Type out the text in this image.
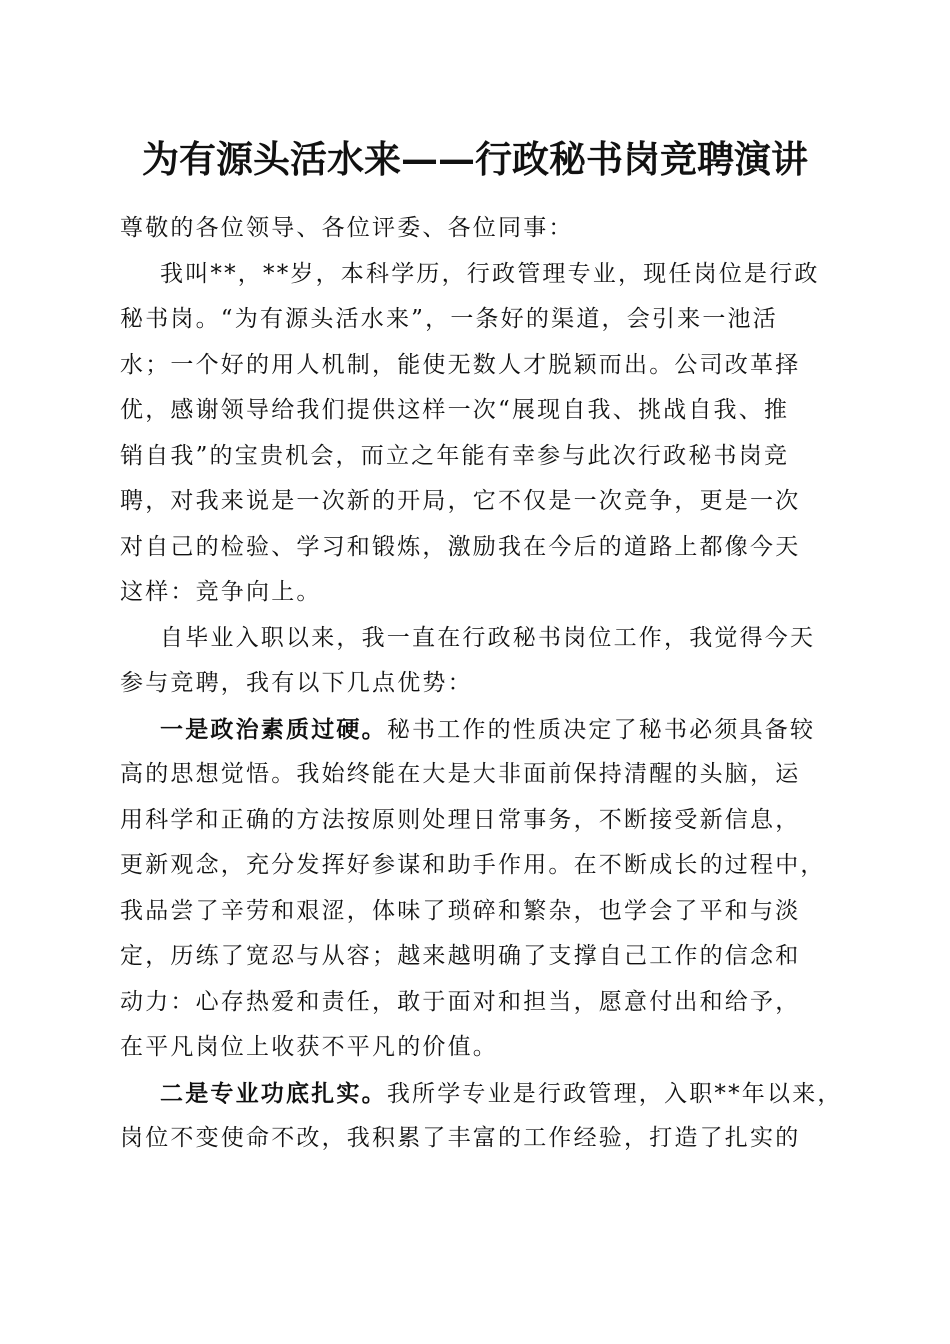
为有源头活水来——行政秘书岗竞聘演讲
尊敬的各位领导、各位评委、各位同事：
我叫**，**岁，本科学历，行政管理专业，现任岗位是行政
秘书岗。“为有源头活水来”，一条好的渠道，会引来一池活
水；一个好的用人机制，能使无数人才脱颖而出。公司改革择
优，感谢领导给我们提供这样一次“展现自我、挑战自我、推
销自我”的宝贵机会，而立之年能有幸参与此次行政秘书岗竞
聘，对我来说是一次新的开局，它不仅是一次竞争，更是一次
对自己的检验、学习和锻炼，激励我在今后的道路上都像今天
这样：竞争向上。
自毕业入职以来，我一直在行政秘书岗位工作，我觉得今天
参与竞聘，我有以下几点优势：
一是政治素质过硬。秘书工作的性质决定了秘书必须具备较
高的思想觉悟。我始终能在大是大非面前保持清醒的头脑，运
用科学和正确的方法按原则处理日常事务，不断接受新信息，
更新观念，充分发挥好参谋和助手作用。在不断成长的过程中，
我品尝了辛劳和艰涩，体味了琐碎和繁杂，也学会了平和与淡
定，历练了宽忍与从容；越来越明确了支撑自己工作的信念和
动力：心存热爱和责任，敢于面对和担当，愿意付出和给予，
在平凡岗位上收获不平凡的价值。
二是专业功底扎实。我所学专业是行政管理，入职**年以来，
岗位不变使命不改，我积累了丰富的工作经验，打造了扎实的
